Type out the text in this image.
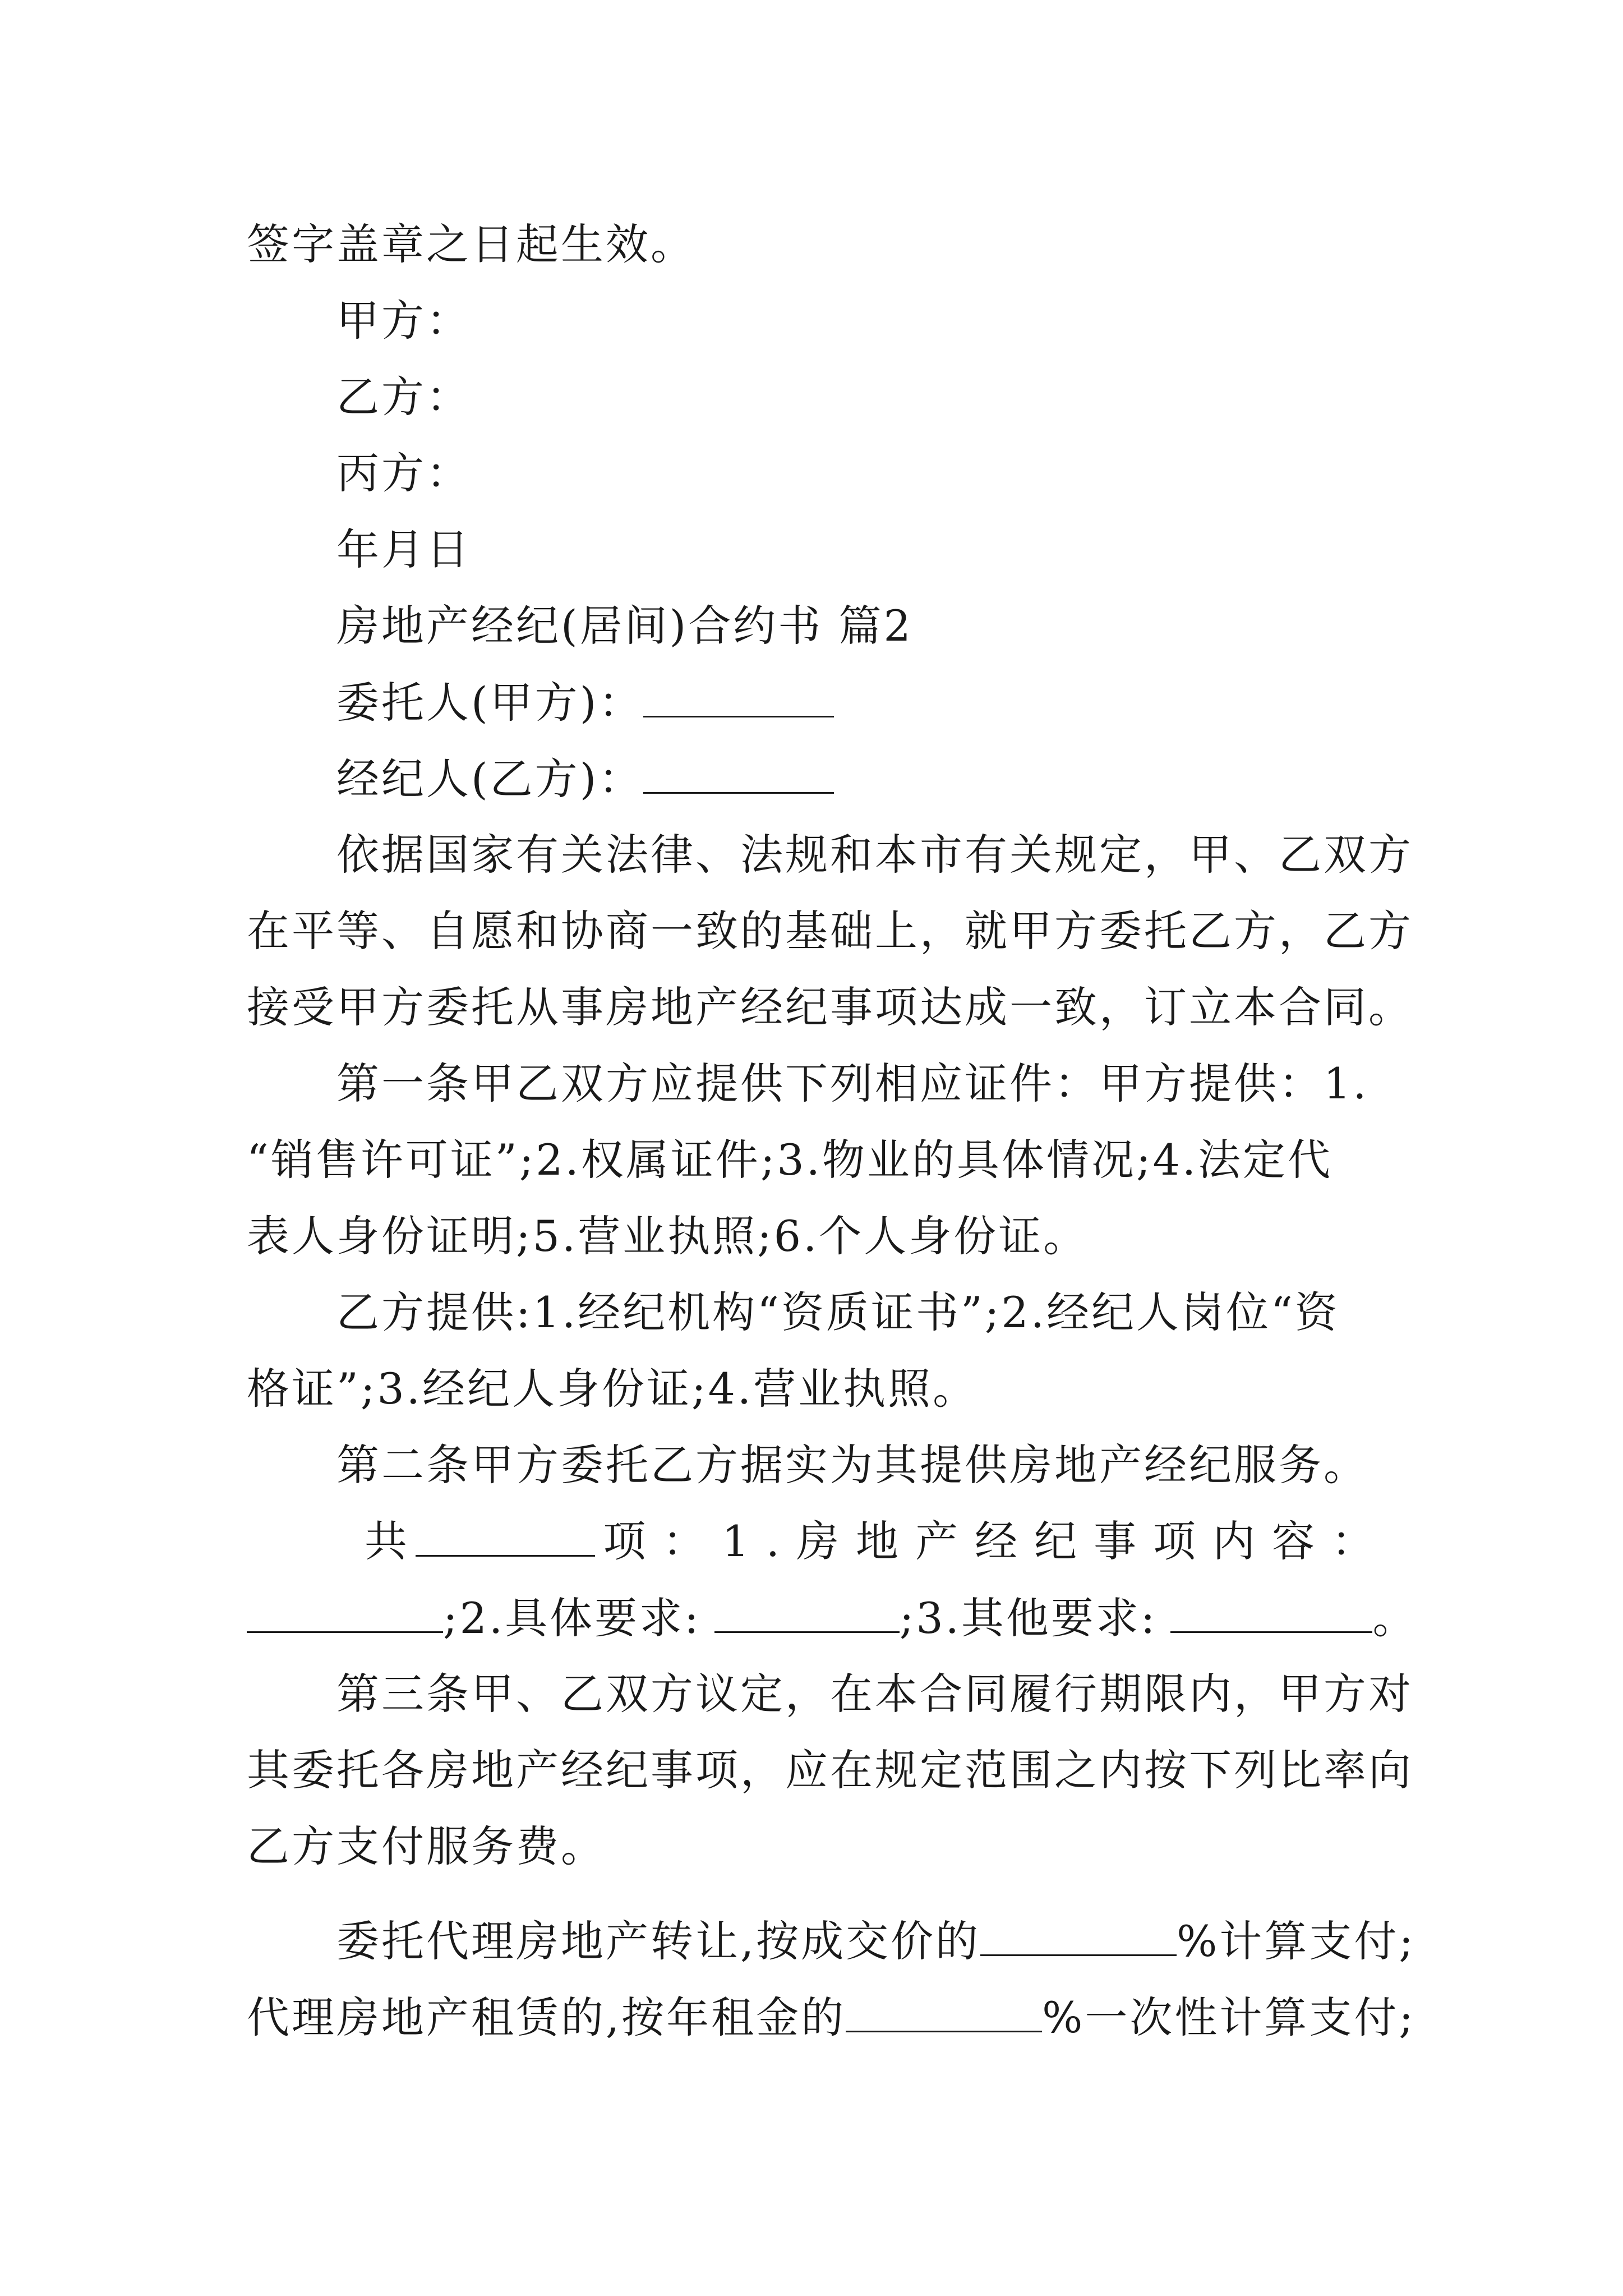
签字盖章之日起生效。
甲方：
乙方：
丙方：
年月日
房地产经纪(居间)合约书 篇2
委托人(甲方)：
经纪人(乙方)：
依据国家有关法律、法规和本市有关规定，甲、乙双方
在平等、自愿和协商一致的基础上，就甲方委托乙方，乙方
接受甲方委托从事房地产经纪事项达成一致，订立本合同。
第一条甲乙双方应提供下列相应证件：甲方提供：1.
“销售许可证”;2.权属证件;3.物业的具体情况;4.法定代
表人身份证明;5.营业执照;6.个人身份证。
乙方提供:1.经纪机构“资质证书”;2.经纪人岗位“资
格证”;3.经纪人身份证;4.营业执照。
第二条甲方委托乙方据实为其提供房地产经纪服务。
共	项：1.房地产经纪事项内容：
;2.具体要求:	;3.其他要求:	。
第三条甲、乙双方议定，在本合同履行期限内，甲方对
其委托各房地产经纪事项，应在规定范围之内按下列比率向
乙方支付服务费。
委托代理房地产转让,按成交价的	%计算支付;
代理房地产租赁的,按年租金的	%一次性计算支付;
